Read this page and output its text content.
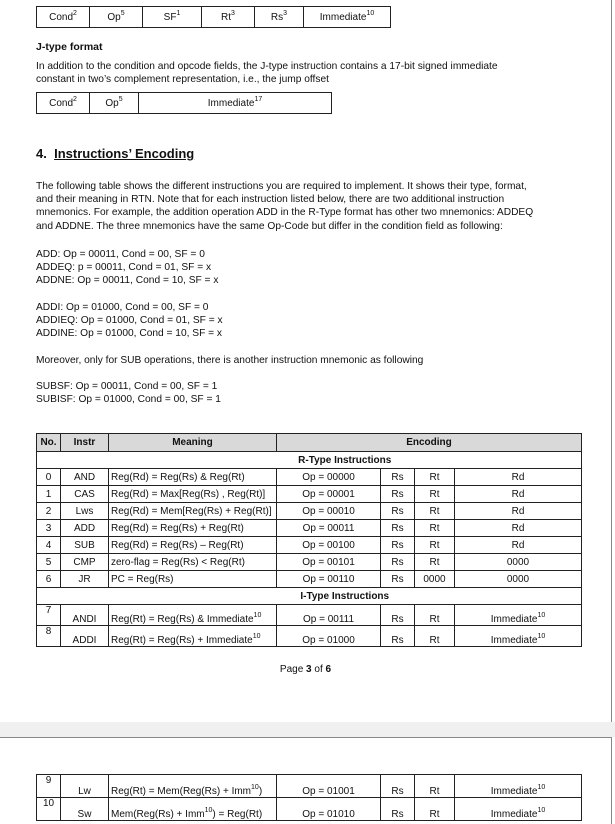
Cond$^2$	Op$^5$	$SF^1$	Rt$^3$	Rs$^3$	Immediate$^{10}$

J-type format

In addition to the condition and opcode fields, the J-type instruction contains a 17-bit signed immediate
constant in two’s complement representation, i.e., the jump offset

Cond$^2$	Op$^5$	Immediate$^{17}$

4. Instructions’ Encoding

The following table shows the different instructions you are required to implement. It shows their type, format,
and their meaning in RTN. Note that for each instruction listed below, there are two additional instruction
mnemonics. For example, the addition operation ADD in the R-Type format has other two mnemonics: ADDEQ
and ADDNE. The three mnemonics have the same Op-Code but differ in the condition field as following:
ADD: Op = 00011, Cond = 00, SF = 0
ADDEQ: p = 00011, Cond = 01, SF = x
ADDNE: Op = 00011, Cond = 10, SF = x
ADDI: Op = 01000, Cond = 00, SF = 0
ADDIEQ: Op = 01000, Cond = 01, SF = x
ADDINE: Op = 01000, Cond = 10, SF = x

Moreover, only for SUB operations, there is another instruction mnemonic as following

SUBSF: Op = 00011, Cond = 00, SF = 1
SUBISF: Op = 01000, Cond = 00, SF = 1
No.	Instr	Meaning	Encoding			
		R-Type Instructions				
0	AND	Reg(Rd) = Reg(Rs) & Reg(Rt)	Op = 00000	Rs	Rt	Rd
1	CAS	Reg(Rd) = Max[Reg(Rs) , Reg(Rt)]	Op = 00001	Rs	Rt	Rd
2	Lws	Reg(Rd) = Mem[Reg(Rs) + Reg(Rt)]	Op = 00010	Rs	Rt	Rd
3	ADD	Reg(Rd) = Reg(Rs) + Reg(Rt)	Op = 00011	Rs	Rt	Rd
4	SUB	Reg(Rd) = Reg(Rs) – Reg(Rt)	Op = 00100	Rs	Rt	Rd
5	CMP	zero-flag = Reg(Rs) < Reg(Rt)	Op = 00101	Rs	Rt	0000
6	JR	PC = Reg(Rs)	Op = 00110	Rs	0000	0000
		I-Type Instructions				
7	ANDI	Reg(Rt) = Reg(Rs) & Immediate$^{10}$	Op = 00111	Rs	Rt	Immediate$^{10}$
8	ADDI	Reg(Rt) = Reg(Rs) + Immediate$^{10}$	Op = 01000	Rs	Rt	Immediate$^{10}$
Page 3 of 6
9	Lw	Reg(Rt) = Mem(Reg(Rs) + Imm$^{10}$)	Op = 01001	Rs	Rt	Immediate$^{10}$
10	Sw	Mem(Reg(Rs) + Imm$^{10}$) = Reg(Rt)	Op = 01010	Rs	Rt	Immediate$^{10}$
